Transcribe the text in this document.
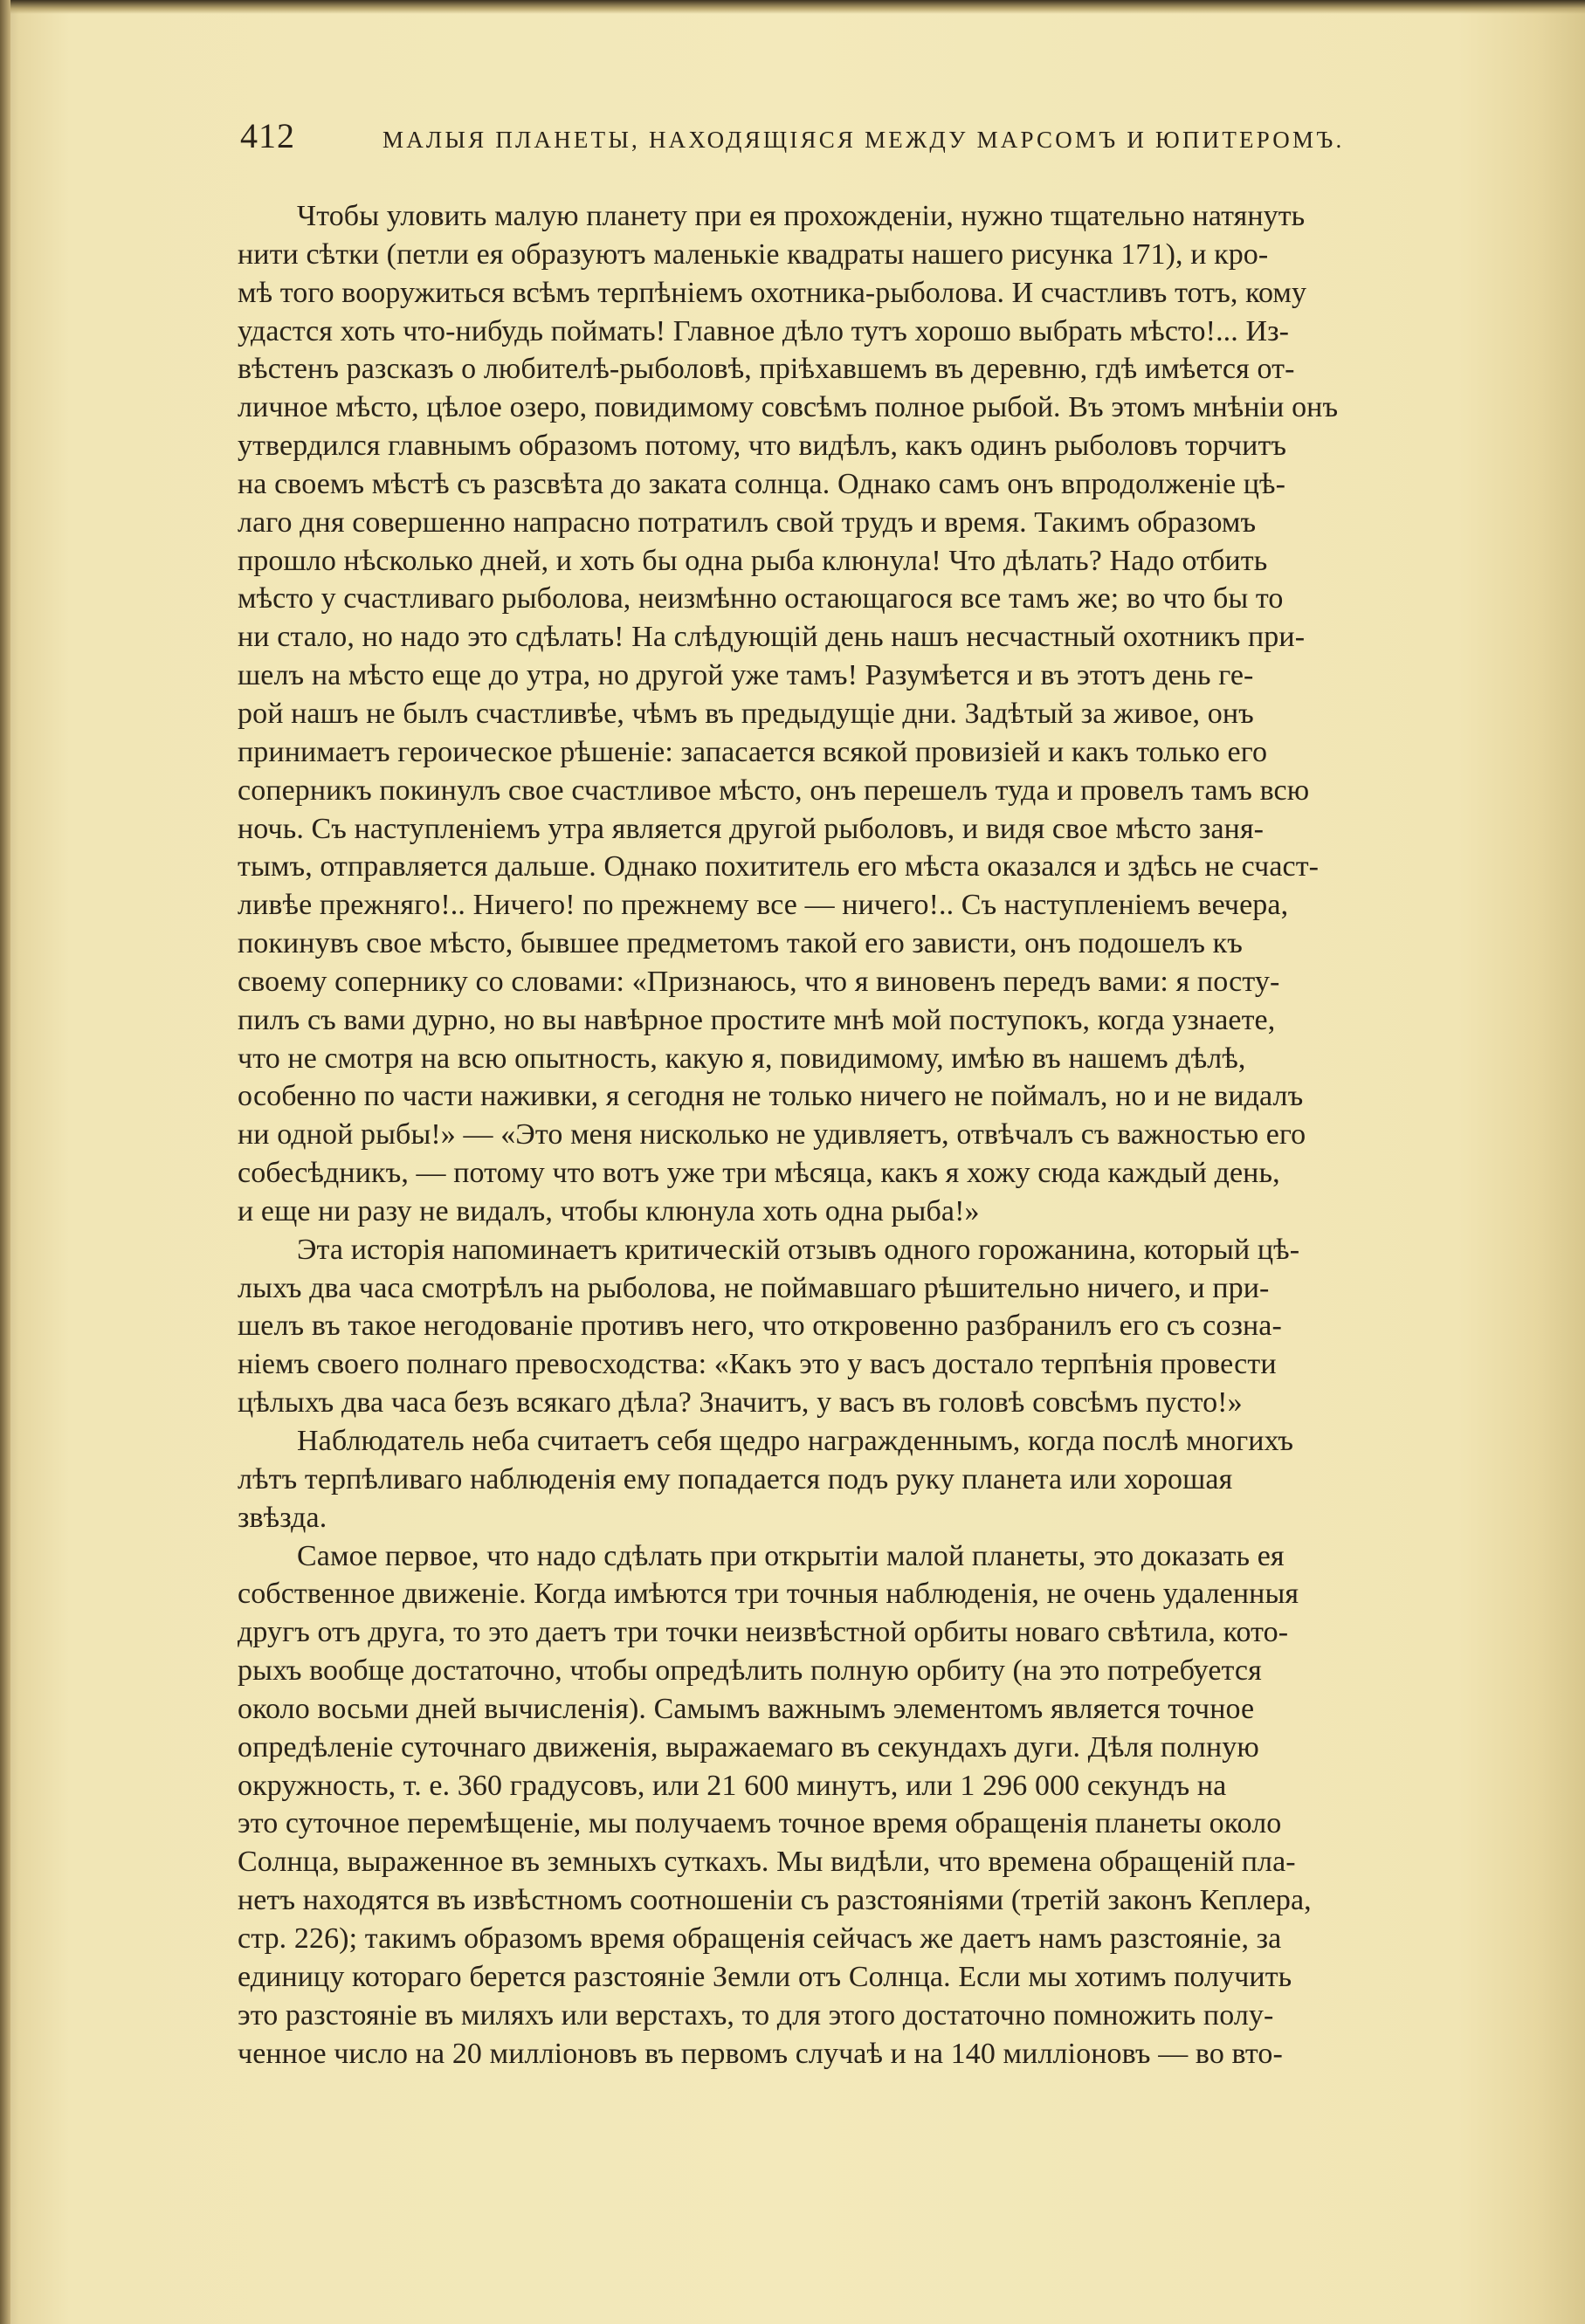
412	МАЛЫЯ ПЛАНЕТЫ, НАХОДЯЩІЯСЯ МЕЖДУ МАРСОМЪ И ЮПИТЕРОМЪ.

Чтобы уловить малую планету при ея прохожденіи, нужно тщательно натянуть
нити сѣтки (петли ея образуютъ маленькіе квадраты нашего рисунка 171), и кро-
мѣ того вооружиться всѣмъ терпѣніемъ охотника-рыболова. И счастливъ тотъ, кому
удастся хоть что-нибудь поймать! Главное дѣло тутъ хорошо выбрать мѣсто!... Из-
вѣстенъ разсказъ о любителѣ-рыболовѣ, пріѣхавшемъ въ деревню, гдѣ имѣется от-
личное мѣсто, цѣлое озеро, повидимому совсѣмъ полное рыбой. Въ этомъ мнѣніи онъ
утвердился главнымъ образомъ потому, что видѣлъ, какъ одинъ рыболовъ торчитъ
на своемъ мѣстѣ съ разсвѣта до заката солнца. Однако самъ онъ впродолженіе цѣ-
лаго дня совершенно напрасно потратилъ свой трудъ и время. Такимъ образомъ
прошло нѣсколько дней, и хоть бы одна рыба клюнула! Что дѣлать? Надо отбить
мѣсто у счастливаго рыболова, неизмѣнно остающагося все тамъ же; во что бы то
ни стало, но надо это сдѣлать! На слѣдующій день нашъ несчастный охотникъ при-
шелъ на мѣсто еще до утра, но другой уже тамъ! Разумѣется и въ этотъ день ге-
рой нашъ не былъ счастливѣе, чѣмъ въ предыдущіе дни. Задѣтый за живое, онъ
принимаетъ героическое рѣшеніе: запасается всякой провизіей и какъ только его
соперникъ покинулъ свое счастливое мѣсто, онъ перешелъ туда и провелъ тамъ всю
ночь. Съ наступленіемъ утра является другой рыболовъ, и видя свое мѣсто заня-
тымъ, отправляется дальше. Однако похититель его мѣста оказался и здѣсь не счаст-
ливѣе прежняго!.. Ничего! по прежнему все — ничего!.. Съ наступленіемъ вечера,
покинувъ свое мѣсто, бывшее предметомъ такой его зависти, онъ подошелъ къ
своему сопернику со словами: «Признаюсь, что я виновенъ передъ вами: я посту-
пилъ съ вами дурно, но вы навѣрное простите мнѣ мой поступокъ, когда узнаете,
что не смотря на всю опытность, какую я, повидимому, имѣю въ нашемъ дѣлѣ,
особенно по части наживки, я сегодня не только ничего не поймалъ, но и не видалъ
ни одной рыбы!» — «Это меня нисколько не удивляетъ, отвѣчалъ съ важностью его
собесѣдникъ, — потому что вотъ уже три мѣсяца, какъ я хожу сюда каждый день,
и еще ни разу не видалъ, чтобы клюнула хоть одна рыба!»

Эта исторія напоминаетъ критическій отзывъ одного горожанина, который цѣ-
лыхъ два часа смотрѣлъ на рыболова, не поймавшаго рѣшительно ничего, и при-
шелъ въ такое негодованіе противъ него, что откровенно разбранилъ его съ созна-
ніемъ своего полнаго превосходства: «Какъ это у васъ достало терпѣнія провести
цѣлыхъ два часа безъ всякаго дѣла? Значитъ, у васъ въ головѣ совсѣмъ пусто!»

Наблюдатель неба считаетъ себя щедро награжденнымъ, когда послѣ многихъ
лѣтъ терпѣливаго наблюденія ему попадается подъ руку планета или хорошая
звѣзда.

Самое первое, что надо сдѣлать при открытіи малой планеты, это доказать ея
собственное движеніе. Когда имѣются три точныя наблюденія, не очень удаленныя
другъ отъ друга, то это даетъ три точки неизвѣстной орбиты новаго свѣтила, кото-
рыхъ вообще достаточно, чтобы опредѣлить полную орбиту (на это потребуется
около восьми дней вычисленія). Самымъ важнымъ элементомъ является точное
опредѣленіе суточнаго движенія, выражаемаго въ секундахъ дуги. Дѣля полную
окружность, т. е. 360 градусовъ, или 21 600 минутъ, или 1 296 000 секундъ на
это суточное перемѣщеніе, мы получаемъ точное время обращенія планеты около
Солнца, выраженное въ земныхъ суткахъ. Мы видѣли, что времена обращеній пла-
нетъ находятся въ извѣстномъ соотношеніи съ разстояніями (третій законъ Кеплера,
стр. 226); такимъ образомъ время обращенія сейчасъ же даетъ намъ разстояніе, за
единицу котораго берется разстояніе Земли отъ Солнца. Если мы хотимъ получить
это разстояніе въ миляхъ или верстахъ, то для этого достаточно помножить полу-
ченное число на 20 милліоновъ въ первомъ случаѣ и на 140 милліоновъ — во вто-
